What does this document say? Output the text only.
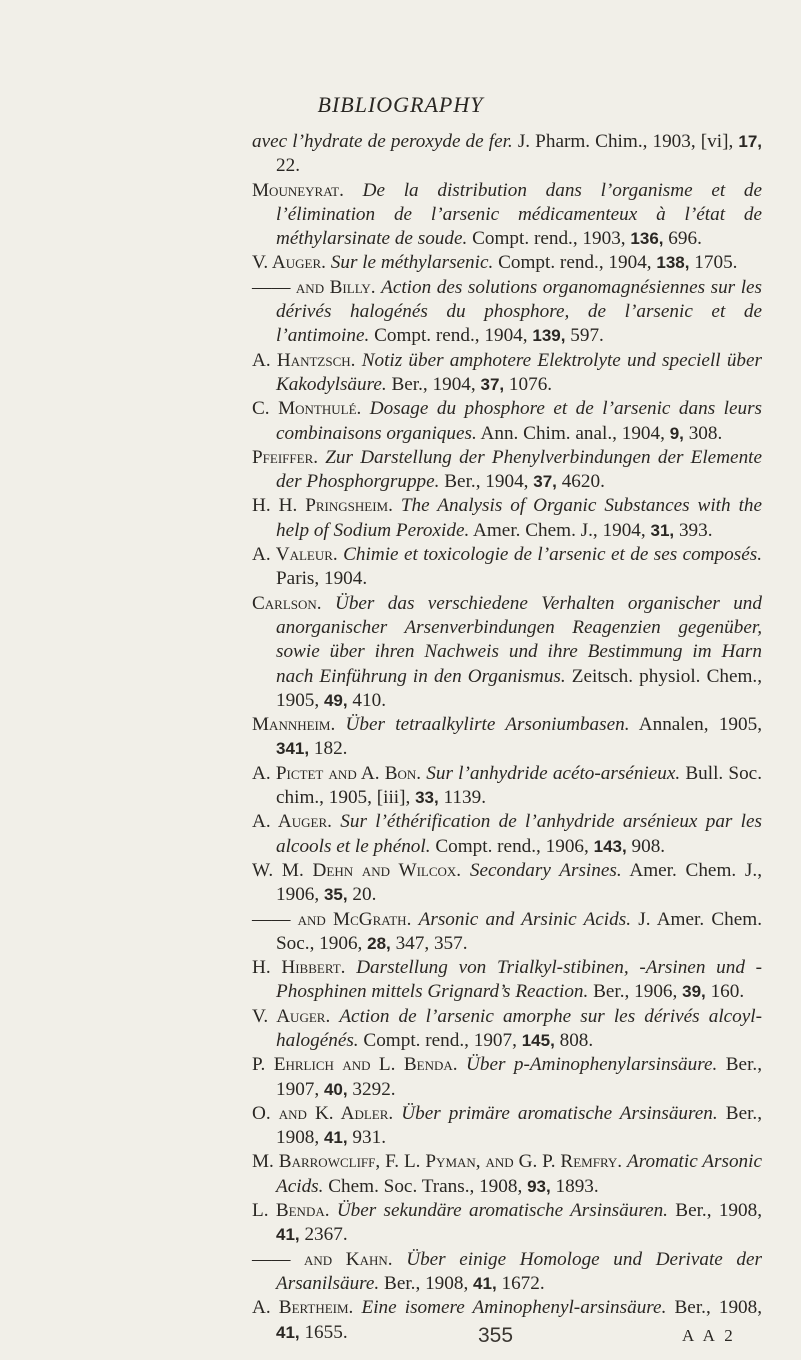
BIBLIOGRAPHY
avec l’hydrate de peroxyde de fer. J. Pharm. Chim., 1903, [vi], 17, 22.
Mouneyrat. De la distribution dans l’organisme et de l’élimination de l’arsenic médicamenteux à l’état de méthylarsinate de soude. Compt. rend., 1903, 136, 696.
V. Auger. Sur le méthylarsenic. Compt. rend., 1904, 138, 1705.
—— and Billy. Action des solutions organomagnésiennes sur les dérivés halogénés du phosphore, de l’arsenic et de l’antimoine. Compt. rend., 1904, 139, 597.
A. Hantzsch. Notiz über amphotere Elektrolyte und speciell über Kakodylsäure. Ber., 1904, 37, 1076.
C. Monthulé. Dosage du phosphore et de l’arsenic dans leurs combinaisons organiques. Ann. Chim. anal., 1904, 9, 308.
Pfeiffer. Zur Darstellung der Phenylverbindungen der Elemente der Phosphorgruppe. Ber., 1904, 37, 4620.
H. H. Pringsheim. The Analysis of Organic Substances with the help of Sodium Peroxide. Amer. Chem. J., 1904, 31, 393.
A. Valeur. Chimie et toxicologie de l’arsenic et de ses composés. Paris, 1904.
Carlson. Über das verschiedene Verhalten organischer und anorganischer Arsenverbindungen Reagenzien gegenüber, sowie über ihren Nachweis und ihre Bestimmung im Harn nach Einführung in den Organismus. Zeitsch. physiol. Chem., 1905, 49, 410.
Mannheim. Über tetraalkylirte Arsoniumbasen. Annalen, 1905, 341, 182.
A. Pictet and A. Bon. Sur l’anhydride acéto-arsénieux. Bull. Soc. chim., 1905, [iii], 33, 1139.
A. Auger. Sur l’éthérification de l’anhydride arsénieux par les alcools et le phénol. Compt. rend., 1906, 143, 908.
W. M. Dehn and Wilcox. Secondary Arsines. Amer. Chem. J., 1906, 35, 20.
—— and McGrath. Arsonic and Arsinic Acids. J. Amer. Chem. Soc., 1906, 28, 347, 357.
H. Hibbert. Darstellung von Trialkyl-stibinen, -Arsinen und -Phosphinen mittels Grignard’s Reaction. Ber., 1906, 39, 160.
V. Auger. Action de l’arsenic amorphe sur les dérivés alcoyl-halogénés. Compt. rend., 1907, 145, 808.
P. Ehrlich and L. Benda. Über p-Aminophenylarsinsäure. Ber., 1907, 40, 3292.
O. and K. Adler. Über primäre aromatische Arsinsäuren. Ber., 1908, 41, 931.
M. Barrowcliff, F. L. Pyman, and G. P. Remfry. Aromatic Arsonic Acids. Chem. Soc. Trans., 1908, 93, 1893.
L. Benda. Über sekundäre aromatische Arsinsäuren. Ber., 1908, 41, 2367.
—— and Kahn. Über einige Homologe und Derivate der Arsanilsäure. Ber., 1908, 41, 1672.
A. Bertheim. Eine isomere Aminophenyl-arsinsäure. Ber., 1908, 41, 1655.	355	A A 2
